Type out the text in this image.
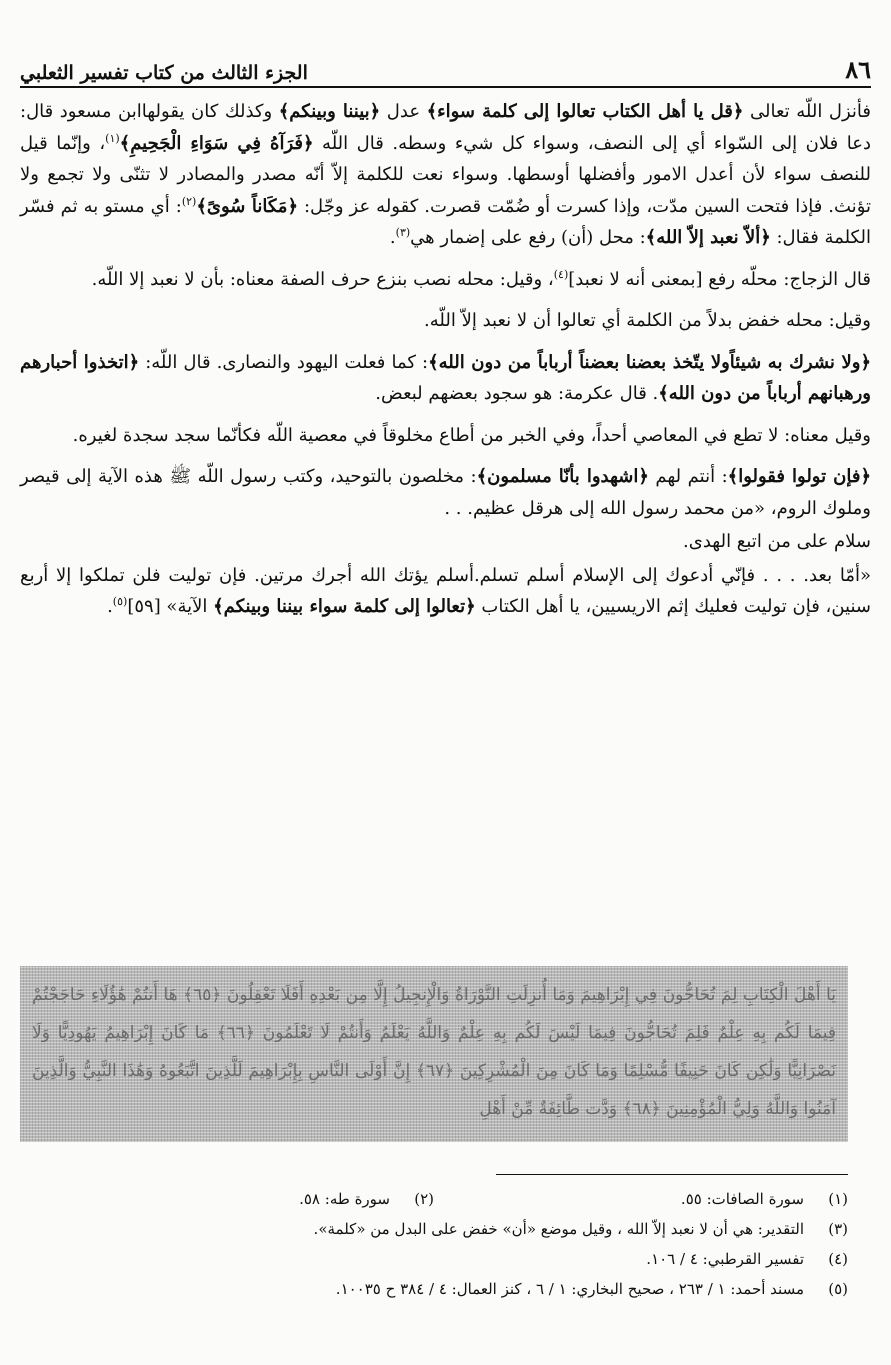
٨٦
الجزء الثالث من كتاب تفسير الثعلبي

فأنزل اللّه تعالى ﴿قل يا أهل الكتاب تعالوا إلى كلمة سواء﴾ عدل ﴿بيننا وبينكم﴾ وكذلك كان يقولهاابن مسعود قال: دعا فلان إلى السّواء أي إلى النصف، وسواء كل شيء وسطه. قال اللّه ﴿فَرَآهُ فِي سَوَاءِ الْجَحِيمِ﴾$^{(١)}$، وإنّما قيل للنصف سواء لأن أعدل الامور وأفضلها أوسطها. وسواء نعت للكلمة إلاّ أنّه مصدر والمصادر لا تثنّى ولا تجمع ولا تؤنث. فإذا فتحت السين مدّت، وإذا كسرت أو ضُمّت قصرت. كقوله عز وجّل: ﴿مَكَاناً سُوىً﴾$^{(٢)}$: أي مستو به ثم فسّر الكلمة فقال: ﴿ألاّ نعبد إلاّ الله﴾: محل (أن) رفع على إضمار هي$^{(٣)}$.

قال الزجاج: محلّه رفع [بمعنى أنه لا نعبد]$^{(٤)}$، وقيل: محله نصب بنزع حرف الصفة معناه: بأن لا نعبد إلا اللّه.

وقيل: محله خفض بدلاً من الكلمة أي تعالوا أن لا نعبد إلاّ اللّه.

﴿ولا نشرك به شيئاًولا يتّخذ بعضنا بعضناً أرباباً من دون الله﴾: كما فعلت اليهود والنصارى. قال اللّه: ﴿اتخذوا أحبارهم ورهبانهم أرباباً من دون الله﴾. قال عكرمة: هو سجود بعضهم لبعض.

وقيل معناه: لا تطع في المعاصي أحداً، وفي الخبر من أطاع مخلوقاً في معصية اللّه فكأنّما سجد سجدة لغيره.

﴿فإن تولوا فقولوا﴾: أنتم لهم ﴿اشهدوا بأنّا مسلمون﴾: مخلصون بالتوحيد، وكتب رسول اللّه ﷺ هذه الآية إلى قيصر وملوك الروم، «من محمد رسول الله إلى هرقل عظيم. . .

سلام على من اتبع الهدى.

«أمّا بعد. . . . فإنّي أدعوك إلى الإسلام أسلم تسلم.أسلم يؤتك الله أجرك مرتين. فإن توليت فلن تملكوا إلا أربع سنين، فإن توليت فعليك إثم الاريسيين، يا أهل الكتاب ﴿تعالوا إلى كلمة سواء بيننا وبينكم﴾ الآية» [٥٩]$^{(٥)}$.

يَا أَهْلَ الْكِتَابِ لِمَ تُحَاجُّونَ فِي إِبْرَاهِيمَ وَمَا أُنزِلَتِ التَّوْرَاةُ وَالْإِنجِيلُ إِلَّا مِن بَعْدِهِ أَفَلَا تَعْقِلُونَ ﴿٦٥﴾ هَا أَنتُمْ هَٰؤُلَاءِ حَاجَجْتُمْ فِيمَا لَكُم بِهِ عِلْمٌ فَلِمَ تُحَاجُّونَ فِيمَا لَيْسَ لَكُم بِهِ عِلْمٌ وَاللَّهُ يَعْلَمُ وَأَنتُمْ لَا تَعْلَمُونَ ﴿٦٦﴾ مَا كَانَ إِبْرَاهِيمُ يَهُودِيًّا وَلَا نَصْرَانِيًّا وَلَٰكِن كَانَ حَنِيفًا مُّسْلِمًا وَمَا كَانَ مِنَ الْمُشْرِكِينَ ﴿٦٧﴾ إِنَّ أَوْلَى النَّاسِ بِإِبْرَاهِيمَ لَلَّذِينَ اتَّبَعُوهُ وَهَٰذَا النَّبِيُّ وَالَّذِينَ آمَنُوا وَاللَّهُ وَلِيُّ الْمُؤْمِنِينَ ﴿٦٨﴾ وَدَّت طَّائِفَةٌ مِّنْ أَهْلِ
(١)
سورة الصافات: ٥٥.
(٢)
سورة طه: ٥٨.
(٣)
التقدير: هي أن لا نعبد إلاّ الله ، وقيل موضع «أن» خفض على البدل من «كلمة».
(٤)
تفسير القرطبي: ٤ / ١٠٦.
(٥)
مسند أحمد: ١ / ٢٦٣ ، صحيح البخاري: ١ / ٦ ، كنز العمال: ٤ / ٣٨٤ ح ١٠٠٣٥.
